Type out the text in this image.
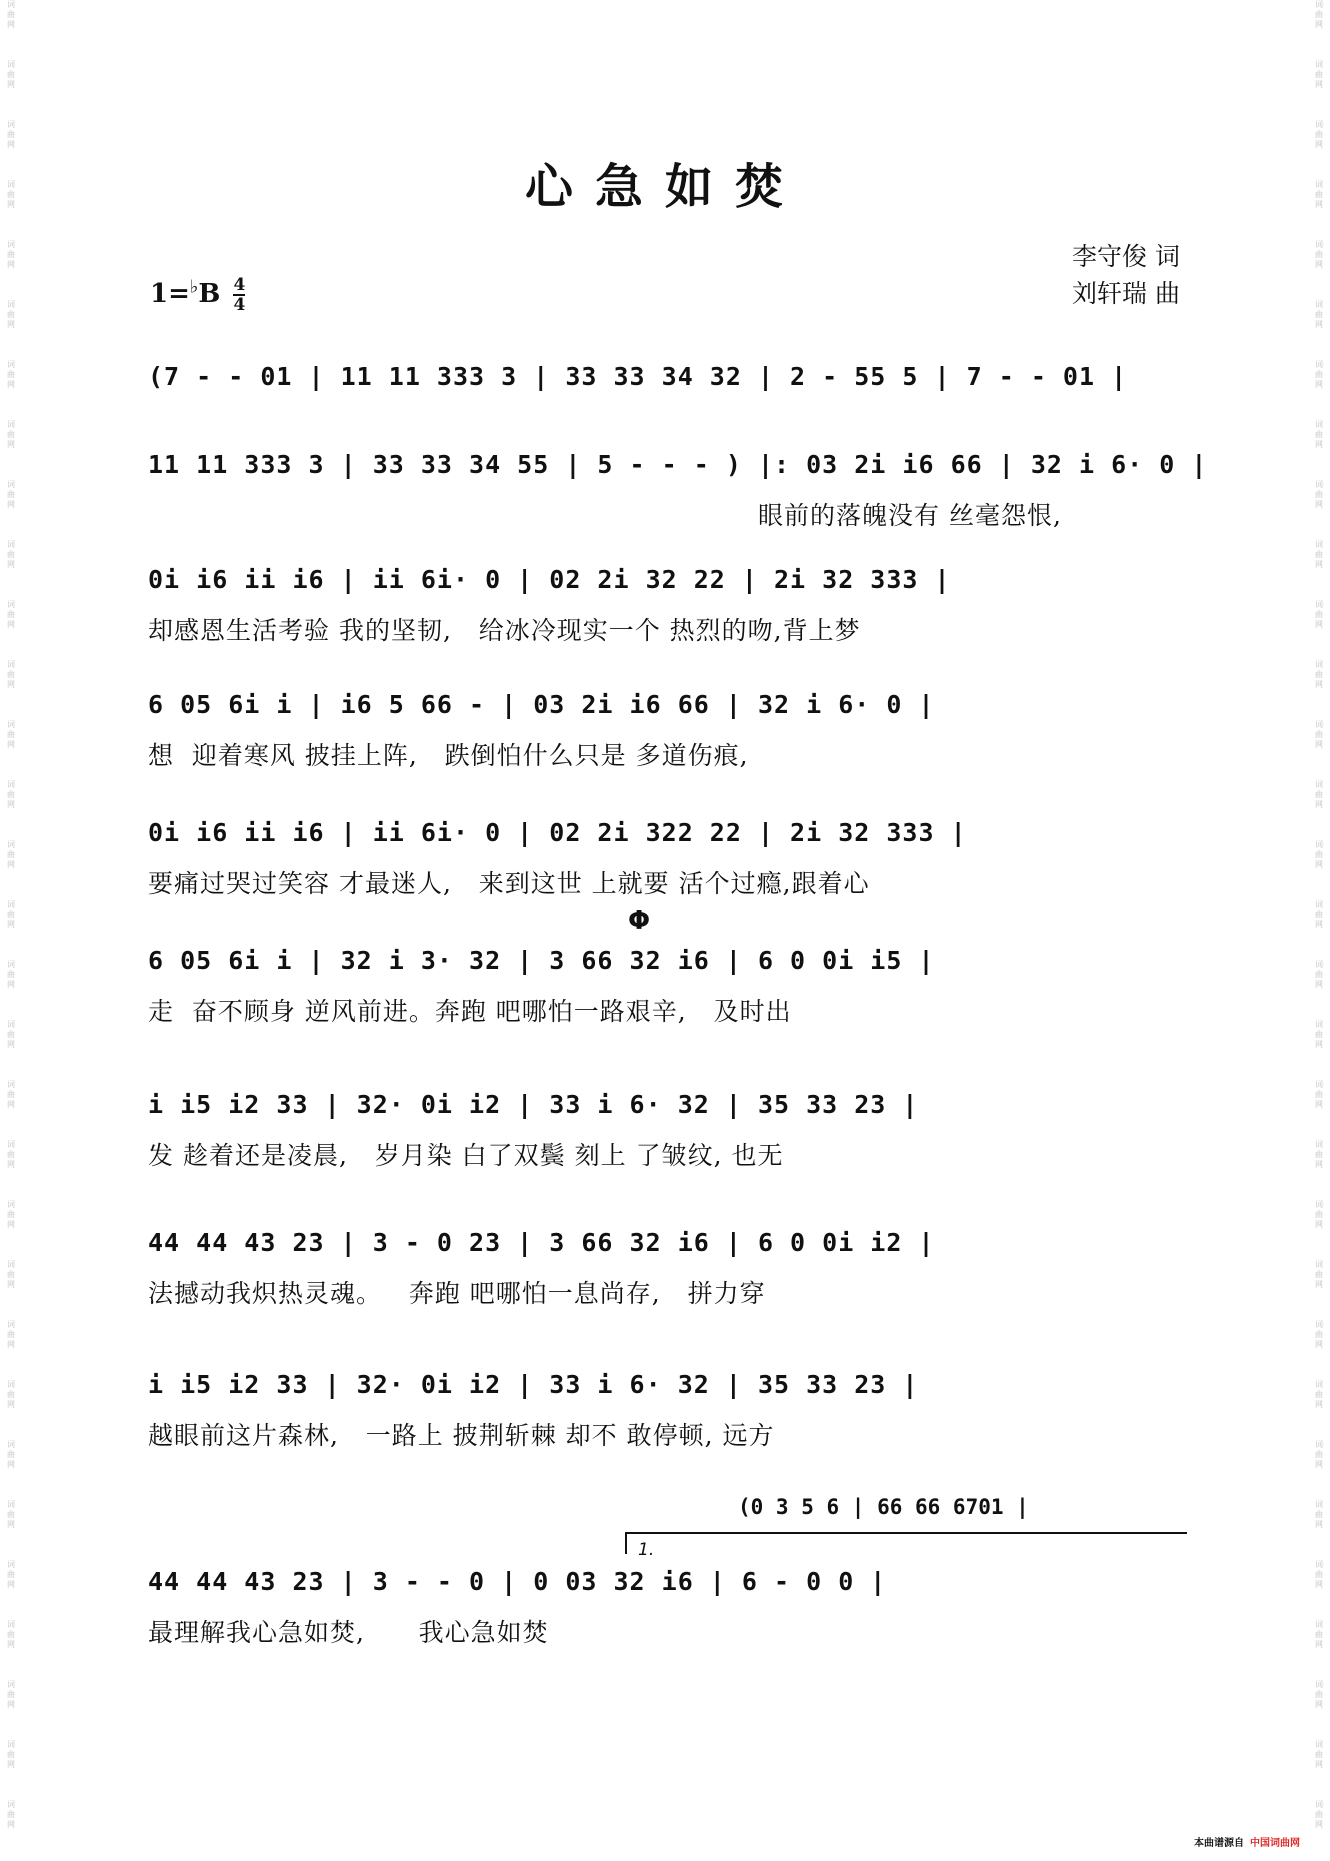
词
曲
网
词
曲
网
词
曲
网
词
曲
网
词
曲
网
词
曲
网
词
曲
网
词
曲
网
词
曲
网
词
曲
网
词
曲
网
词
曲
网
词
曲
网
词
曲
网
词
曲
网
词
曲
网
词
曲
网
词
曲
网
词
曲
网
词
曲
网
词
曲
网
词
曲
网
词
曲
网
词
曲
网
词
曲
网
词
曲
网
词
曲
网
词
曲
网
词
曲
网
词
曲
网
词
曲
网
词
曲
网
词
曲
网
词
曲
网
词
曲
网
词
曲
网
词
曲
网
词
曲
网
词
曲
网
词
曲
网
词
曲
网
词
曲
网
词
曲
网
词
曲
网
词
曲
网
词
曲
网
词
曲
网
词
曲
网
词
曲
网
词
曲
网
词
曲
网
词
曲
网
词
曲
网
词
曲
网
词
曲
网
词
曲
网
词
曲
网
词
曲
网
词
曲
网
词
曲
网
词
曲
网
词
曲
网
心急如焚
李守俊 词
刘轩瑞 曲
$1=^♭B \frac{4}{4}$
(7 - - 01 | 11 11 333 3 | 33 33 34 32 | 2 - 55 5 | 7 - - 01 |
11 11 333 3 | 33 33 34 55 | 5 - - - ) |: 03 2i i6 66 | 32 i 6· 0 |
眼前的落魄没有 丝毫怨恨,
0i i6 ii i6 | ii 6i· 0 | 02 2i 32 22 | 2i 32 333 |
却感恩生活考验 我的坚韧,   给冰冷现实一个 热烈的吻,背上梦
6 05 6i i | i6 5 66 - | 03 2i i6 66 | 32 i 6· 0 |
想  迎着寒风 披挂上阵,   跌倒怕什么只是 多道伤痕,
0i i6 ii i6 | ii 6i· 0 | 02 2i 322 22 | 2i 32 333 |
要痛过哭过笑容 才最迷人,   来到这世 上就要 活个过瘾,跟着心
Φ
6 05 6i i | 32 i 3· 32 | 3 66 32 i6 | 6 0 0i i5 |
走  奋不顾身 逆风前进。奔跑 吧哪怕一路艰辛,   及时出
i i5 i2 33 | 32· 0i i2 | 33 i 6· 32 | 35 33 23 |
发 趁着还是凌晨,   岁月染 白了双鬓 刻上 了皱纹, 也无
44 44 43 23 | 3 - 0 23 | 3 66 32 i6 | 6 0 0i i2 |
法撼动我炽热灵魂。   奔跑 吧哪怕一息尚存,   拼力穿
i i5 i2 33 | 32· 0i i2 | 33 i 6· 32 | 35 33 23 |
越眼前这片森林,   一路上 披荆斩棘 却不 敢停顿, 远方
(0 3 5 6 | 66 66 6701 |
1.
44 44 43 23 | 3 - - 0 | 0 03 32 i6 | 6 - 0 0 |
最理解我心急如焚,      我心急如焚
本曲谱源自 中国词曲网
